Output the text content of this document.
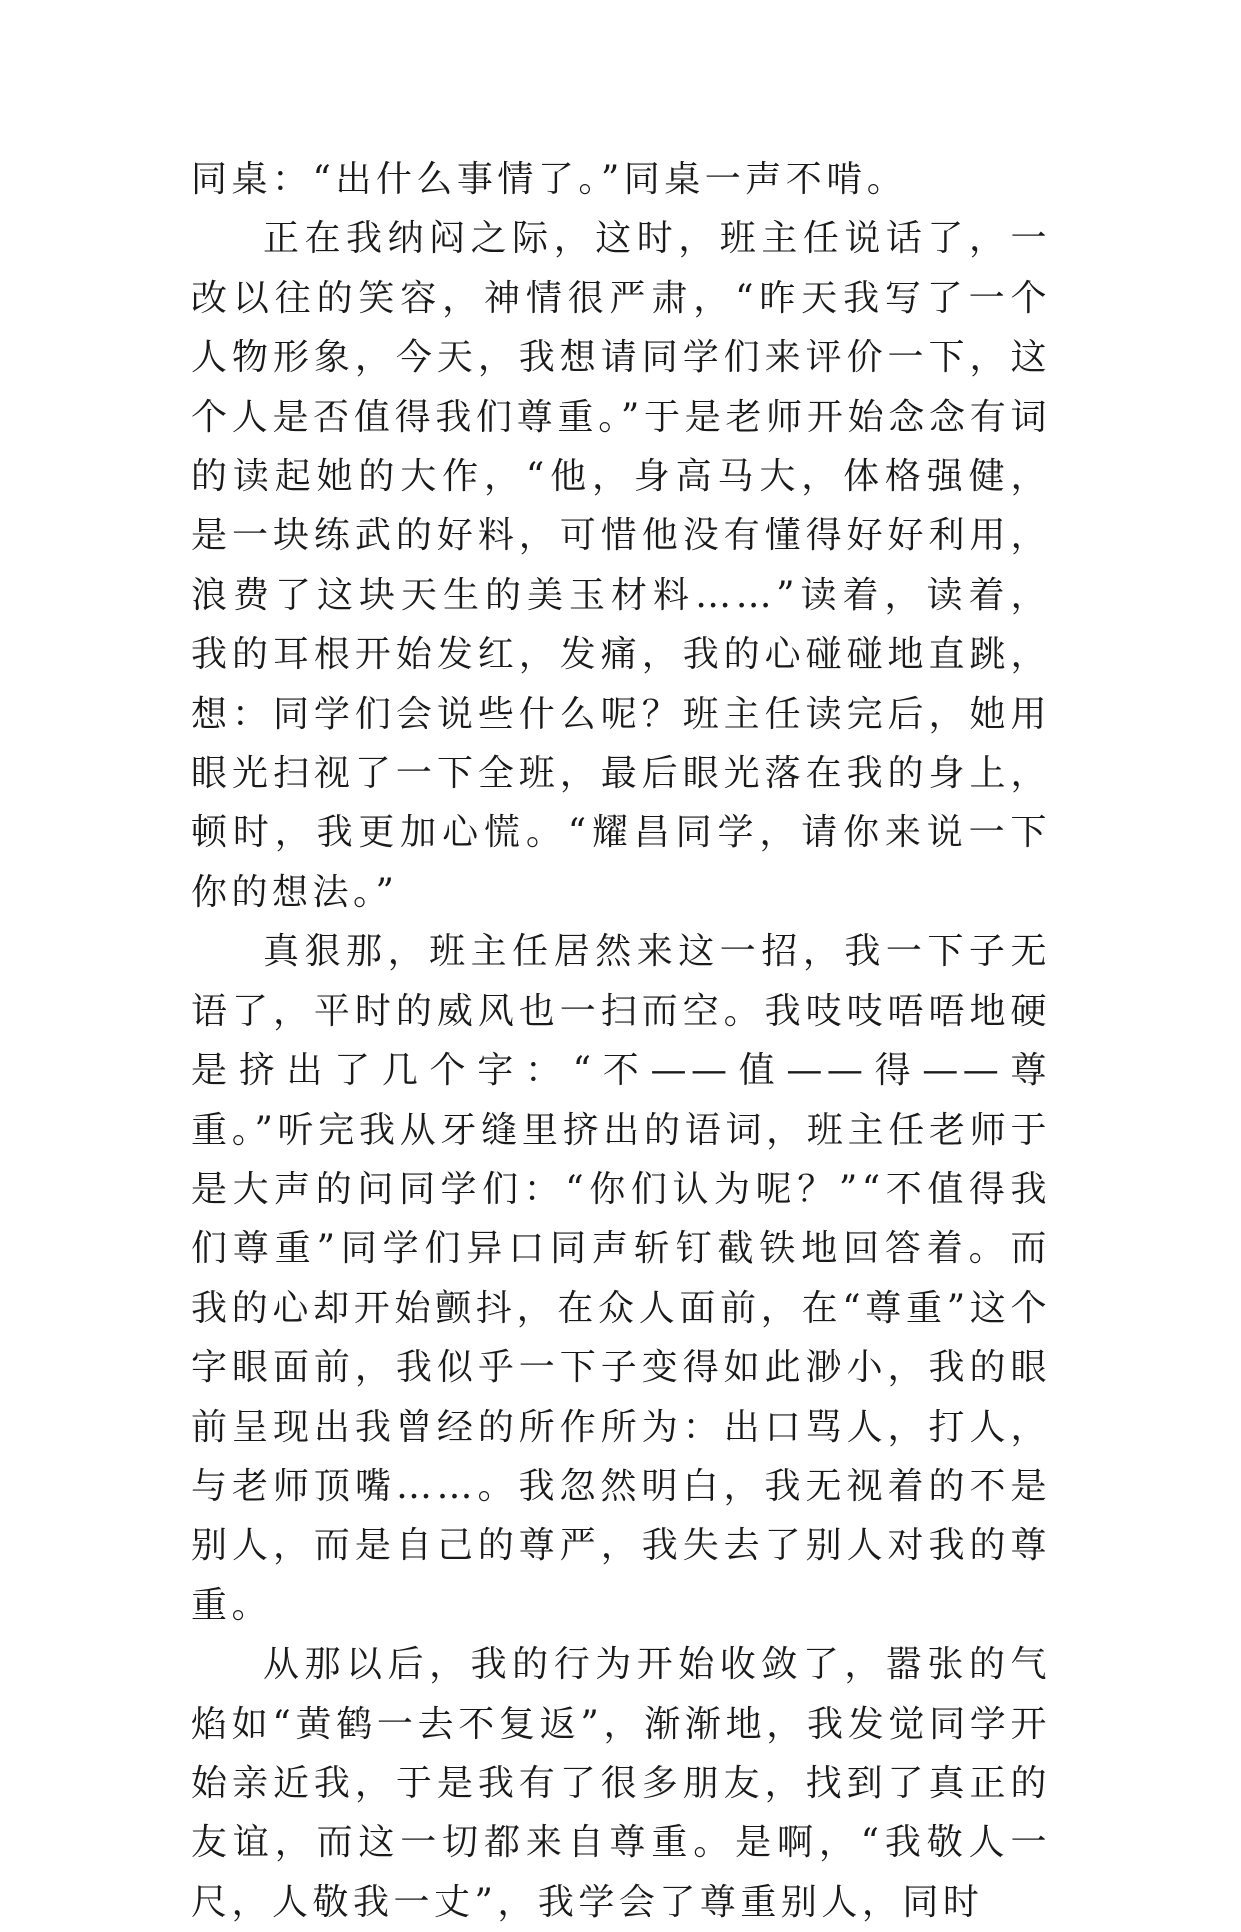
同桌：“出什么事情了。”同桌一声不啃。

正在我纳闷之际，这时，班主任说话了，一改以往的笑容，神情很严肃，“昨天我写了一个人物形象，今天，我想请同学们来评价一下，这个人是否值得我们尊重。”于是老师开始念念有词的读起她的大作，“他，身高马大，体格强健，是一块练武的好料，可惜他没有懂得好好利用，浪费了这块天生的美玉材料……”读着，读着，我的耳根开始发红，发痛，我的心碰碰地直跳，想：同学们会说些什么呢？班主任读完后，她用眼光扫视了一下全班，最后眼光落在我的身上，顿时，我更加心慌。“耀昌同学，请你来说一下你的想法。”

真狠那，班主任居然来这一招，我一下子无语了，平时的威风也一扫而空。我吱吱唔唔地硬是挤出了几个字：“不——值——得——尊重。”听完我从牙缝里挤出的语词，班主任老师于是大声的问同学们：“你们认为呢？”“不值得我们尊重”同学们异口同声斩钉截铁地回答着。而我的心却开始颤抖，在众人面前，在“尊重”这个字眼面前，我似乎一下子变得如此渺小，我的眼前呈现出我曾经的所作所为：出口骂人，打人，与老师顶嘴……。我忽然明白，我无视着的不是别人，而是自己的尊严，我失去了别人对我的尊重。

从那以后，我的行为开始收敛了，嚣张的气焰如“黄鹤一去不复返”，渐渐地，我发觉同学开始亲近我，于是我有了很多朋友，找到了真正的友谊，而这一切都来自尊重。是啊，“我敬人一尺，人敬我一丈”，我学会了尊重别人，同时
